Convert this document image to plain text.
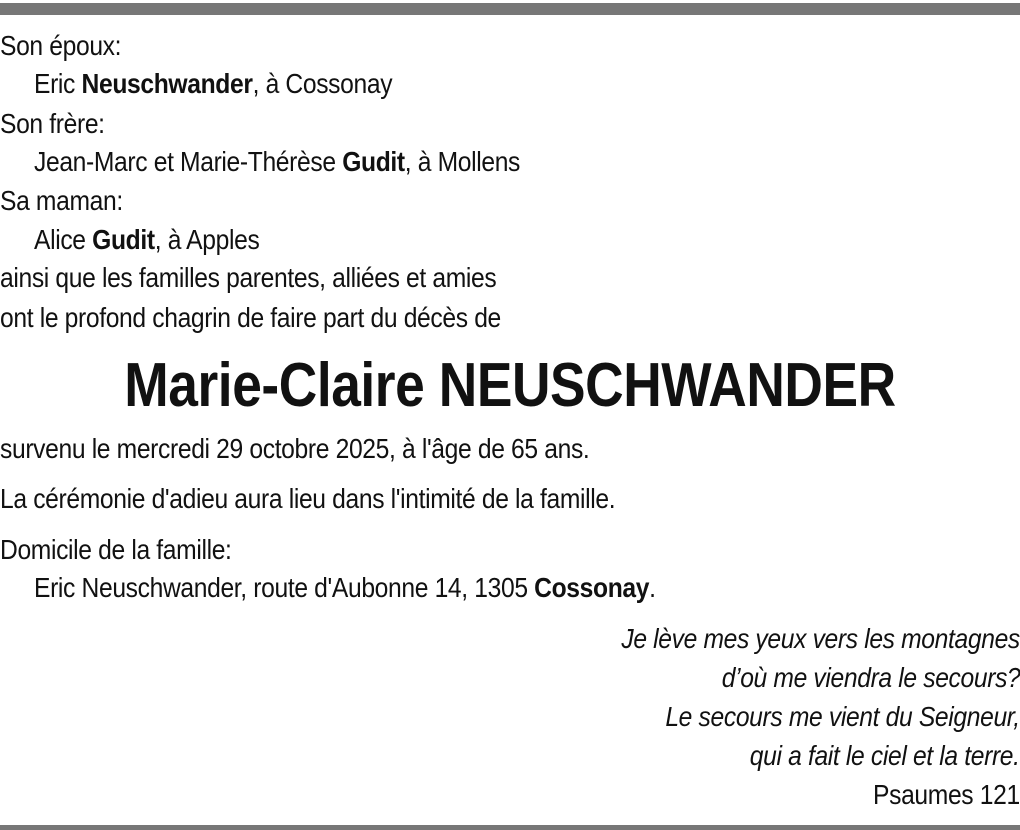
Son époux:
Eric Neuschwander, à Cossonay
Son frère:
Jean-Marc et Marie-Thérèse Gudit, à Mollens
Sa maman:
Alice Gudit, à Apples
ainsi que les familles parentes, alliées et amies
ont le profond chagrin de faire part du décès de
Marie-Claire NEUSCHWANDER
survenu le mercredi 29 octobre 2025, à l'âge de 65 ans.
La cérémonie d'adieu aura lieu dans l'intimité de la famille.
Domicile de la famille:
Eric Neuschwander, route d'Aubonne 14, 1305 Cossonay.
Je lève mes yeux vers les montagnes
d’où me viendra le secours?
Le secours me vient du Seigneur,
qui a fait le ciel et la terre.
Psaumes 121
